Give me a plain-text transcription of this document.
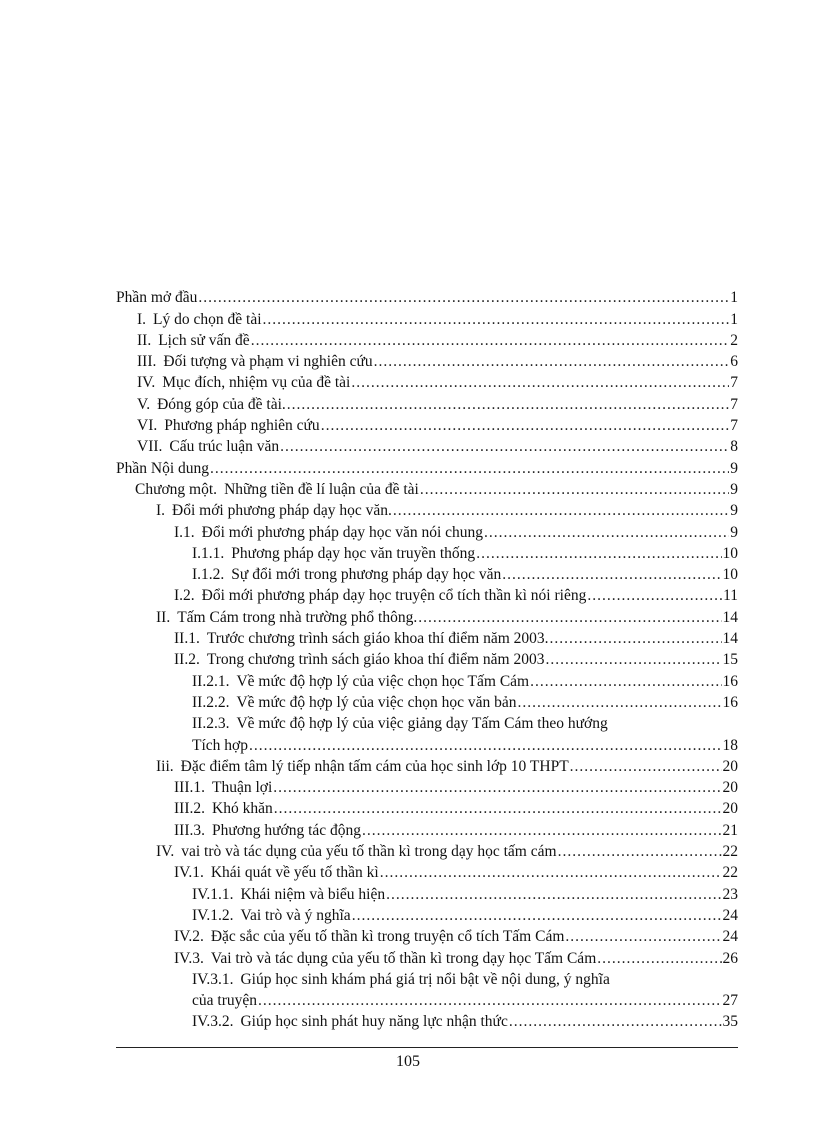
Phần mở đầu .....	1
I. Lý do chọn đề tài .....	1
II. Lịch sử vấn đề .....	2
III. Đối tượng và phạm vi nghiên cứu .....	6
IV. Mục đích, nhiệm vụ của đề tài .....	7
V. Đóng góp của đề tài. .....	7
VI. Phương pháp nghiên cứu .....	7
VII. Cấu trúc luận văn .....	8
Phần Nội dung .....	9
Chương một. Những tiền đề lí luận của đề tài .....	9
I. Đổi mới phương pháp dạy học văn. .....	9
I.1. Đổi mới phương pháp dạy học văn nói chung .....	9
I.1.1. Phương pháp dạy học văn truyền thống .....	10
I.1.2. Sự đổi mới trong phương pháp dạy học văn .....	10
I.2. Đổi mới phương pháp dạy học truyện cổ tích thần kì nói riêng .....	11
II. Tấm Cám trong nhà trường phổ thông. .....	14
II.1. Trước chương trình sách giáo khoa thí điểm năm 2003. .....	14
II.2. Trong chương trình sách giáo khoa thí điểm năm 2003 .....	15
II.2.1. Về mức độ hợp lý của việc chọn học Tấm Cám .....	16
II.2.2. Về mức độ hợp lý của việc chọn học văn bản .....	16
II.2.3. Về mức độ hợp lý của việc giảng dạy Tấm Cám theo hướng
Tích hợp .....	18
Iii. Đặc điểm tâm lý tiếp nhận tấm cám của học sinh lớp 10 THPT .....	20
III.1. Thuận lợi .....	20
III.2. Khó khăn .....	20
III.3. Phương hướng tác động .....	21
IV. vai trò và tác dụng của yếu tố thần kì trong dạy học tấm cám .....	22
IV.1. Khái quát về yếu tố thần kì .....	22
IV.1.1. Khái niệm và biểu hiện .....	23
IV.1.2. Vai trò và ý nghĩa .....	24
IV.2. Đặc sắc của yếu tố thần kì trong truyện cổ tích Tấm Cám .....	24
IV.3. Vai trò và tác dụng của yếu tố thần kì trong dạy học Tấm Cám .....	26
IV.3.1. Giúp học sinh khám phá giá trị nổi bật về nội dung, ý nghĩa
của truyện .....	27
IV.3.2. Giúp học sinh phát huy năng lực nhận thức .....	35
105
